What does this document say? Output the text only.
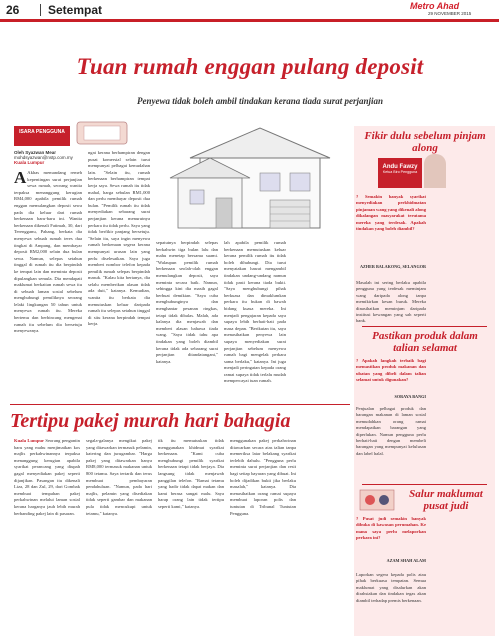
26 Setempat	Metro Ahad
29 NOVEMBER 2015
Tuan rumah enggan pulang deposit
Penyewa tidak boleh ambil tindakan kerana tiada surat perjanjian
ISARA PENGGUNA
Oleh Syazwan Mear
mohdsyazwan@nstp.com.my
Kuala Lumpur
A Akhas memandang remeh kepentingan surat perjanjian sewa rumah, seorang wanita terpaksa menanggung kerugian RM4,000 apabila pemilik rumah enggan memulangkan deposit sewa pada dia keluar dari rumah berkenaan baru-baru ini. Wanita berkenaan dikenali Fatimah, 30, dari Terengganu, Pahang, berkata dia menyewa sebuah rumah teres dua tingkat di Ampang, dan membayar deposit RM2,000 selain dua bulan sewa. Namun, selepas setahun tinggal di rumah itu dia berpindah ke tempat lain dan meminta deposit dipulangkan semula. Dia mendapati maklumat berkaitan rumah sewa itu di sebuah laman sosial sebelum menghubungi pemiliknya seorang lelaki lingkungan 50 tahun untuk menyewa rumah itu. Mereka bertemu dan berbincang mengenai rumah itu sebelum dia bersetuju menyewanya.
ngat kerana berhampiran dengan pusat komersial selain turut mempunyai pelbagai kemudahan lain. "Selain itu, rumah berkenaan berhampiran tempat kerja saya. Sewa rumah itu tidak mahal, harga sebulan RM1,000 dan perlu membayar deposit dua bulan. "Pemilik rumah itu tidak menyediakan sebarang surat perjanjian kerana menurutnya perkara itu tidak perlu. Saya yang tidak berfikir panjang bersetuju. "Selain itu, saya ingin menyewa rumah berkenaan segera kerana mempunyai urusan lain yang perlu diselesaikan. Saya juga memberi nombor telefon kepada pemilik rumah selepas berpindah masuk. "Kalau kita bertanya, dia selalu memberikan alasan tidak ada duit," katanya. Kemudian, wanita itu berkata dia memutuskan keluar daripada rumah itu selepas setahun tinggal di situ kerana berpindah tempat kerja.
sepatutnya berpindah selepas berkahwin tiga bulan lalu dan mahu menetap bersama suami. "Walaupun pemilik rumah berkenaan seolah-olah enggan memulangkan deposit, saya meminta secara baik. Namun, sehingga kini dia masih gagal berbuat demikian. "Saya cuba menghubunginya dan menghantar pesanan ringkas, tetapi tidak dibalas. Malah, ada kalanya dia menjawab dan memberi alasan bahawa tiada wang. "Saya tidak tahu apa tindakan yang boleh diambil kerana tidak ada sebarang surat perjanjian ditandatangani," katanya.
lah apabila pemilik rumah berkenaan memutuskan keluar kerana pemilik rumah itu tidak boleh dihubungi. Dia turut menyatakan hasrat mengambil tindakan undang-undang namun tidak pasti kerana tiada bukti. "Saya menghubungi pihak berkuasa dan dimaklumkan perkara itu bukan di bawah bidang kuasa mereka. Ini menjadi pengajaran kepada saya supaya lebih berhati-hati pada masa depan. "Berikutan itu, saya menasihatkan penyewa lain supaya menyediakan surat perjanjian sebelum menyewa rumah bagi mengelak perkara sama berlaku," katanya. Ini juga menjadi peringatan kepada orang ramai supaya tidak terlalu mudah mempercayai tuan rumah.
Tertipu pakej murah hari bahagia
Kuala Lumpur Seorang pengantin baru yang mahu menjimatkan kos majlis perkahwinannya terpaksa menanggung kerugian apabila syarikat perancang yang diupah gagal menyediakan pakej seperti dijanjikan. Pasangan itu dikenali Liza, 28 dan Zul, 29, dari Gombak membuat tempahan pakej perkahwinan melalui laman sosial kerana harganya jauh lebih murah berbanding pakej lain di pasaran.
segala-galanya mengikut pakej yang ditawarkan termasuk pelamin, katering dan jurugambar. "Harga pakej yang ditawarkan hanya RM8,000 termasuk makanan untuk 800 tetamu. Saya tertarik dan terus membuat pembayaran pendahuluan. "Namun, pada hari majlis, pelamin yang disediakan tidak seperti gambar dan makanan pula tidak mencukupi untuk tetamu," katanya.
tik itu memutuskan tidak menggunakan khidmat syarikat berkenaan. "Kami cuba menghubungi pemilik syarikat berkenaan tetapi tidak berjaya. Dia langsung tidak menjawab panggilan telefon. "Ramai tetamu yang hadir tidak dapat makan dan kami berasa sangat malu. Saya harap orang lain tidak tertipu seperti kami," katanya.
menggunakan pakej perkahwinan ditawarkan secara atas talian tanpa memeriksa latar belakang syarikat terlebih dahulu. "Pengguna perlu meminta surat perjanjian dan resit bagi setiap bayaran yang dibuat. Ini boleh dijadikan bukti jika berlaku masalah," katanya. Dia menasihatkan orang ramai supaya membuat laporan polis dan tuntutan di Tribunal Tuntutan Pengguna.
Fikir dulu sebelum pinjam along
Andu Fawzy
Ketua Biro Pengguna
? Semakin banyak syarikat menyediakan perkhidmatan pinjaman wang yang dikenali along dikalangan masyarakat terutama mereka yang terdesak. Apakah tindakan yang boleh diambil?
AZHER BALAKONG, SELANGOR
Masalah ini sering berlaku apabila pengguna yang terdesak meminjam wang daripada along tanpa memikirkan kesan buruk. Mereka dinasihatkan meminjam daripada institusi kewangan yang sah seperti bank.
Pastikan produk dalam talian selamat
? Apakah langkah terbaik bagi memastikan produk makanan dan ubatan yang dibeli dalam talian selamat untuk digunakan?
SORAYA BANGI
Penjualan pelbagai produk dan barangan makanan di laman sosial memudahkan orang ramai mendapatkan barangan yang diperlukan. Namun pengguna perlu berhati-hati dengan membeli barangan yang mempunyai kelulusan dan label halal.
Salur maklumat pusat judi
? Pusat judi semakin banyak dibuka di kawasan perumahan. Ke mana saya perlu melaporkan perkara ini?
AZAM SHAH ALAM
Laporkan segera kepada polis atau pihak berkuasa tempatan. Semua maklumat yang disalurkan akan dirahsiakan dan tindakan tegas akan diambil terhadap premis berkenaan.
